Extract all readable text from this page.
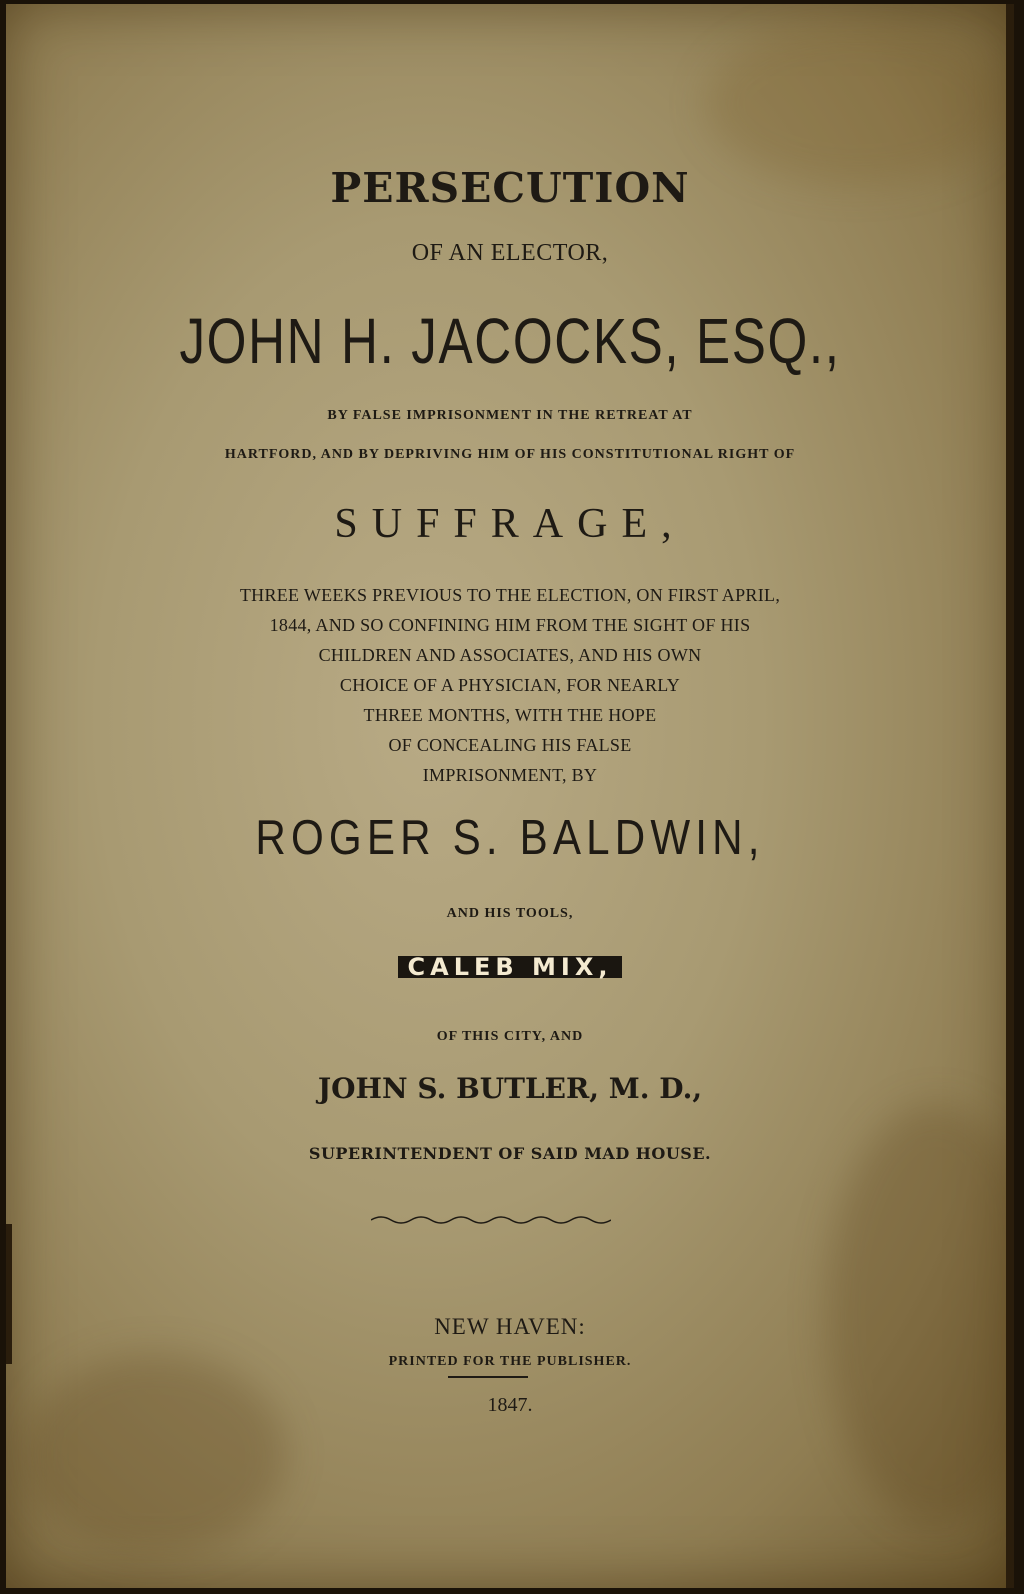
PERSECUTION
OF AN ELECTOR,
JOHN H. JACOCKS, ESQ.,
BY FALSE IMPRISONMENT IN THE RETREAT AT
HARTFORD, AND BY DEPRIVING HIM OF HIS CONSTITUTIONAL RIGHT OF
SUFFRAGE,
THREE WEEKS PREVIOUS TO THE ELECTION, ON FIRST APRIL,
1844, AND SO CONFINING HIM FROM THE SIGHT OF HIS
CHILDREN AND ASSOCIATES, AND HIS OWN
CHOICE OF A PHYSICIAN, FOR NEARLY
THREE MONTHS, WITH THE HOPE
OF CONCEALING HIS FALSE
IMPRISONMENT, BY
ROGER S. BALDWIN,
AND HIS TOOLS,
CALEB MIX,
OF THIS CITY, AND
JOHN S. BUTLER, M. D.,
SUPERINTENDENT OF SAID MAD HOUSE.
NEW HAVEN:
PRINTED FOR THE PUBLISHER.
1847.
